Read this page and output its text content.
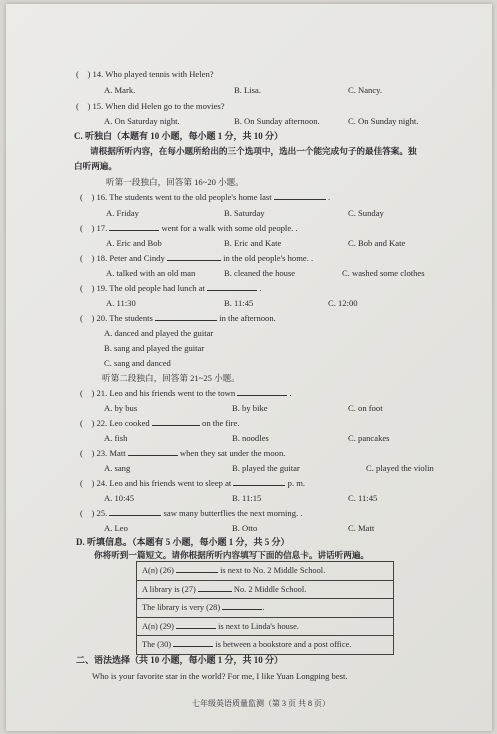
(    ) 14. Who played tennis with Helen?
A. Mark.	B. Lisa.	C. Nancy.
(    ) 15. When did Helen go to the movies?
A. On Saturday night.	B. On Sunday afternoon.	C. On Sunday night.
C. 听独白（本题有 10 小题，每小题 1 分，共 10 分）
请根据所听内容，在每小题所给出的三个选项中，选出一个能完成句子的最佳答案。独
白听两遍。
听第一段独白，回答第 16~20 小题。
(    ) 16. The students went to the old people's home last	.
A. Friday	B. Saturday	C. Sunday
(    ) 17.	went for a walk with some old people. .
A. Eric and Bob	B. Eric and Kate	C. Bob and Kate
(    ) 18. Peter and Cindy	in the old people's home. .
A. talked with an old man	B. cleaned the house	C. washed some clothes
(    ) 19. The old people had lunch at	.
A. 11:30	B. 11:45	C. 12:00
(    ) 20. The students	in the afternoon.
A. danced and played the guitar
B. sang and played the guitar
C. sang and danced
听第二段独白，回答第 21~25 小题。
(    ) 21. Leo and his friends went to the town	.
A. by bus	B. by bike	C. on foot
(    ) 22. Leo cooked	on the fire.
A. fish	B. noodles	C. pancakes
(    ) 23. Matt	when they sat under the moon.
A. sang	B. played the guitar	C. played the violin
(    ) 24. Leo and his friends went to sleep at	p. m.
A. 10:45	B. 11:15	C. 11:45
(    ) 25.	saw many butterflies the next morning. .
A. Leo	B. Otto	C. Matt
D. 听填信息。（本题有 5 小题，每小题 1 分，共 5 分）
你将听到一篇短文。请你根据所听内容填写下面的信息卡。讲话听两遍。
A(n) (26)	is next to No. 2 Middle School.
A library is (27)	No. 2 Middle School.
The library is very (28)	.
A(n) (29)	is next to Linda's house.
The (30)	is between a bookstore and a post office.
二、语法选择（共 10 小题，每小题 1 分，共 10 分）
Who is your favorite star in the world? For me, I like Yuan Longping best.
七年级英语质量监测（第 3 页 共 8 页）
